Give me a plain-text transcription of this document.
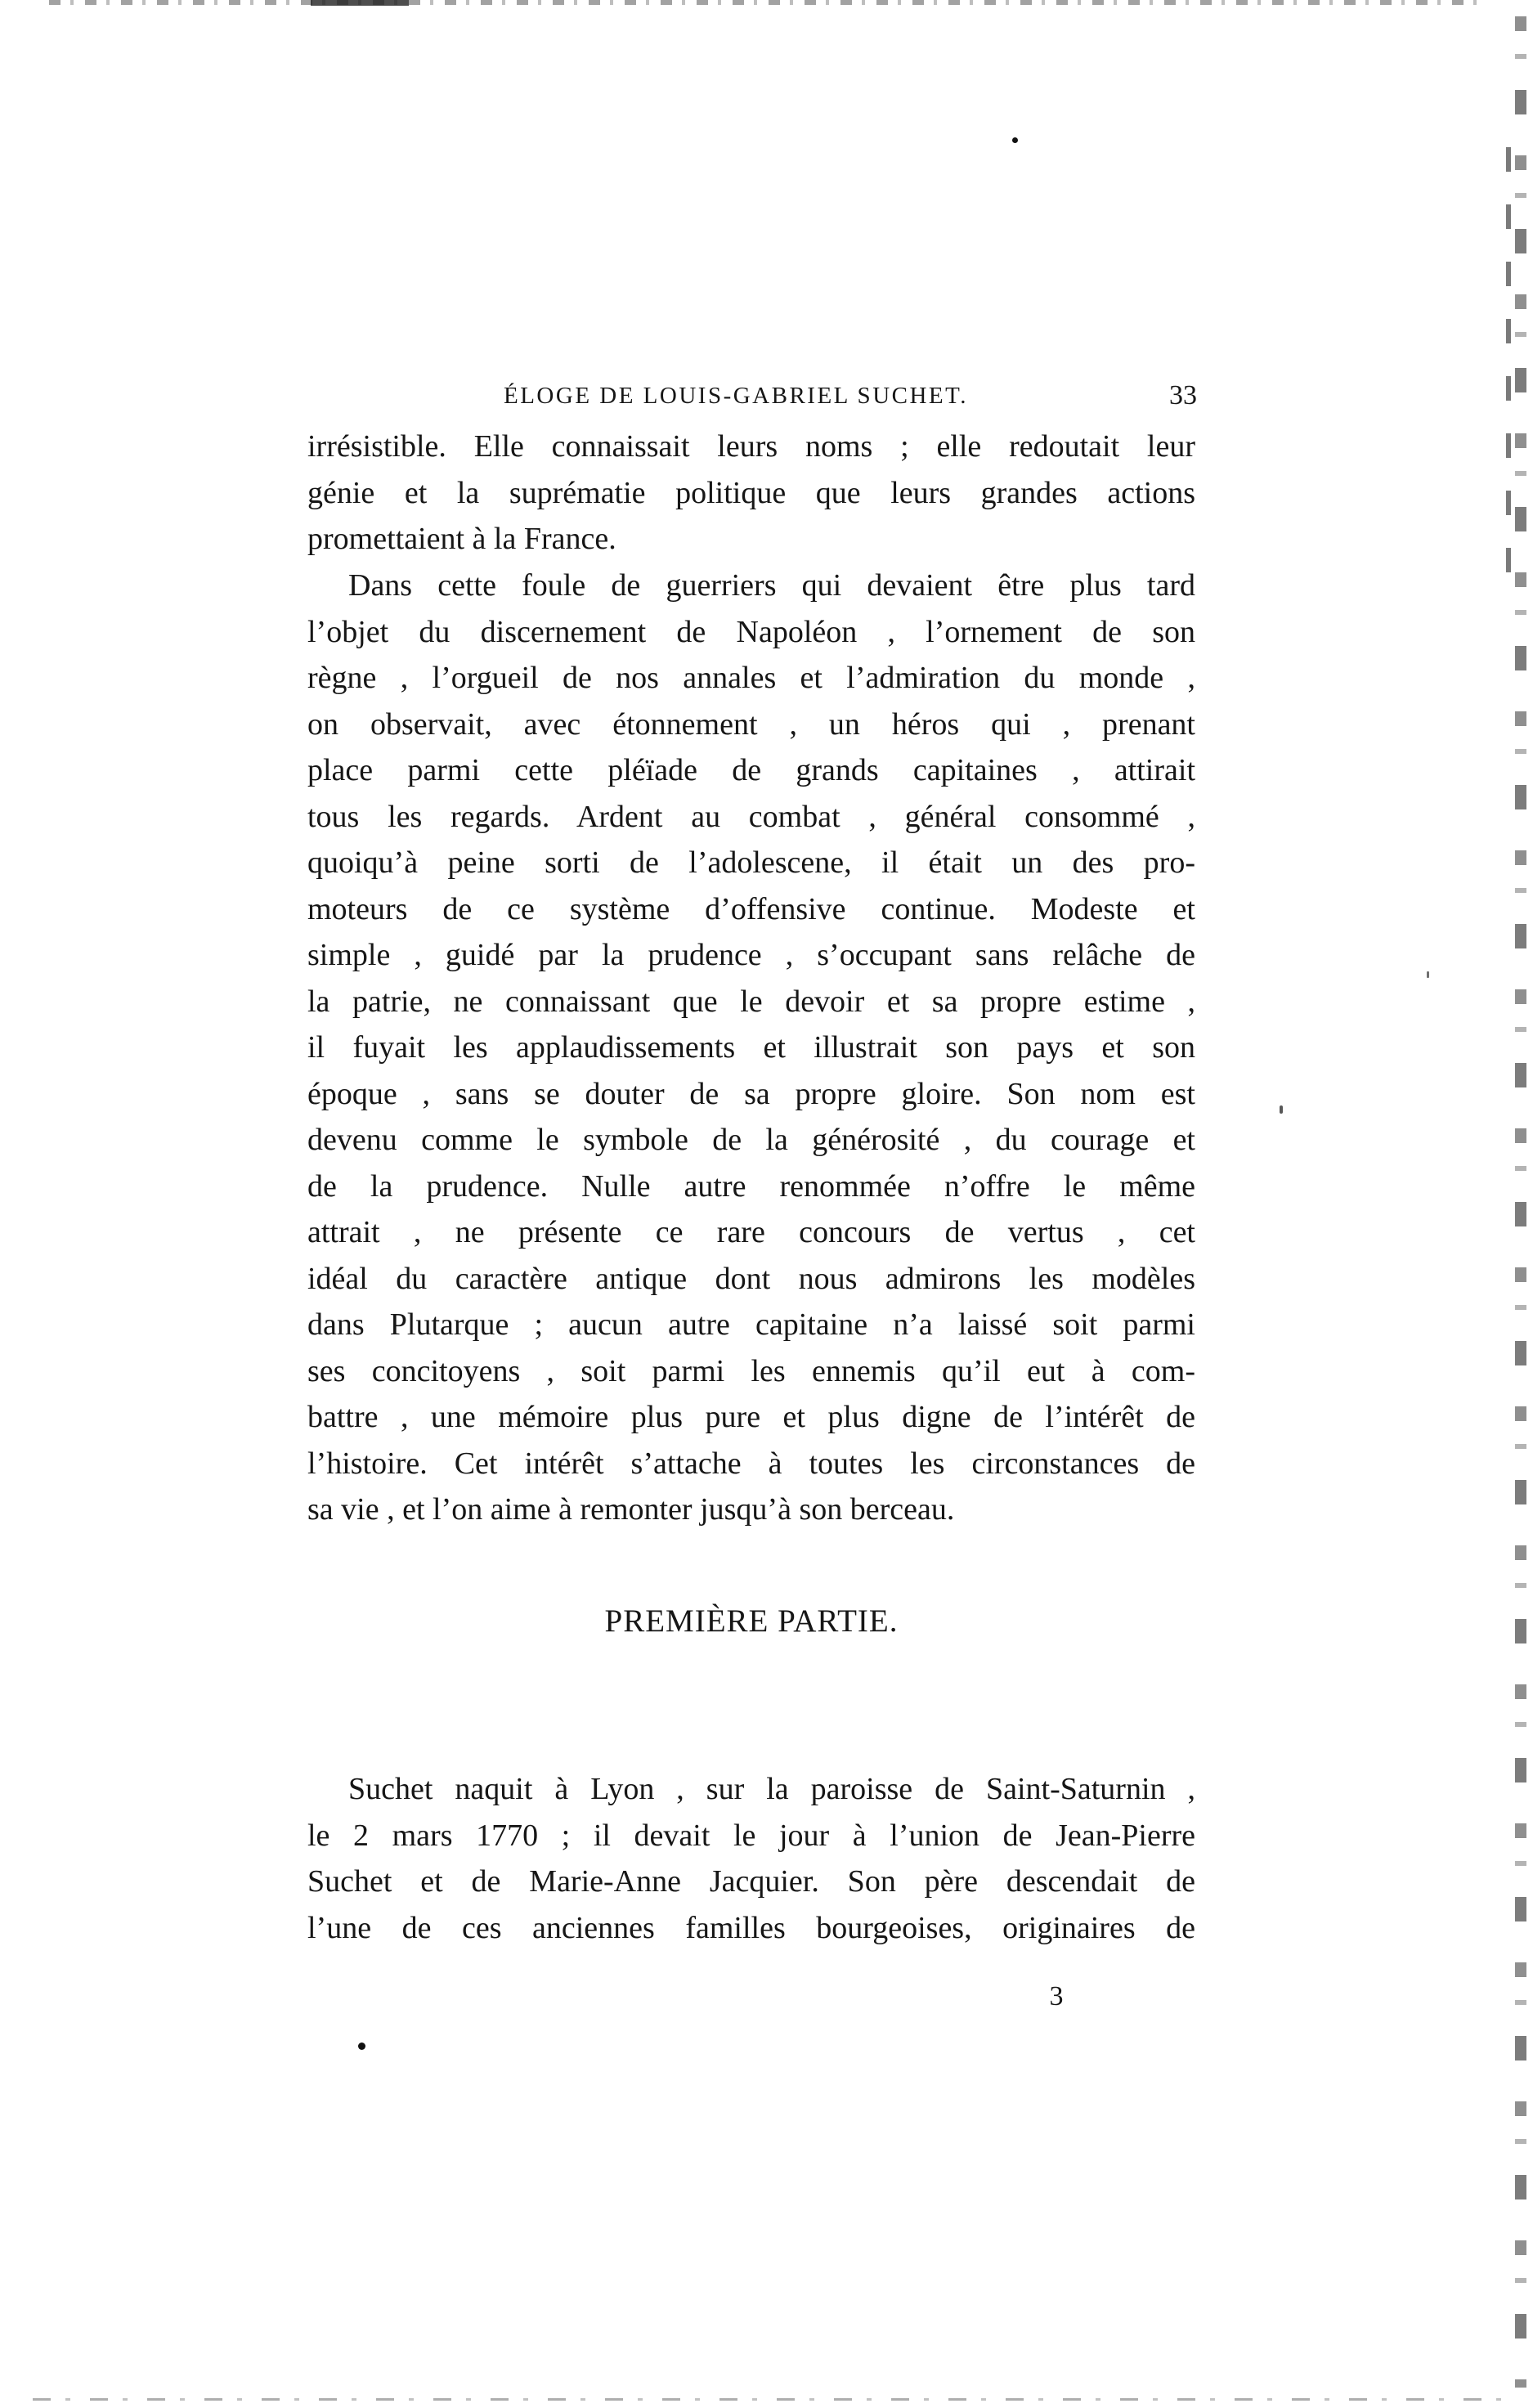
ÉLOGE DE LOUIS-GABRIEL SUCHET.	33
irrésistible. Elle connaissait leurs noms ; elle redoutait leur
génie et la suprématie politique que leurs grandes actions
promettaient à la France.
Dans cette foule de guerriers qui devaient être plus tard
l’objet du discernement de Napoléon , l’ornement de son
règne , l’orgueil de nos annales et l’admiration du monde ,
on observait, avec étonnement , un héros qui , prenant
place parmi cette pléïade de grands capitaines , attirait
tous les regards. Ardent au combat , général consommé ,
quoiqu’à peine sorti de l’adolescene, il était un des pro-
moteurs de ce système d’offensive continue. Modeste et
simple , guidé par la prudence , s’occupant sans relâche de
la patrie, ne connaissant que le devoir et sa propre estime ,
il fuyait les applaudissements et illustrait son pays et son
époque , sans se douter de sa propre gloire. Son nom est
devenu comme le symbole de la générosité , du courage et
de la prudence. Nulle autre renommée n’offre le même
attrait , ne présente ce rare concours de vertus , cet
idéal du caractère antique dont nous admirons les modèles
dans Plutarque ; aucun autre capitaine n’a laissé soit parmi
ses concitoyens , soit parmi les ennemis qu’il eut à com-
battre , une mémoire plus pure et plus digne de l’intérêt de
l’histoire. Cet intérêt s’attache à toutes les circonstances de
sa vie , et l’on aime à remonter jusqu’à son berceau.
PREMIÈRE PARTIE.
Suchet naquit à Lyon , sur la paroisse de Saint-Saturnin ,
le 2 mars 1770 ; il devait le jour à l’union de Jean-Pierre
Suchet et de Marie-Anne Jacquier. Son père descendait de
l’une de ces anciennes familles bourgeoises, originaires de
3
